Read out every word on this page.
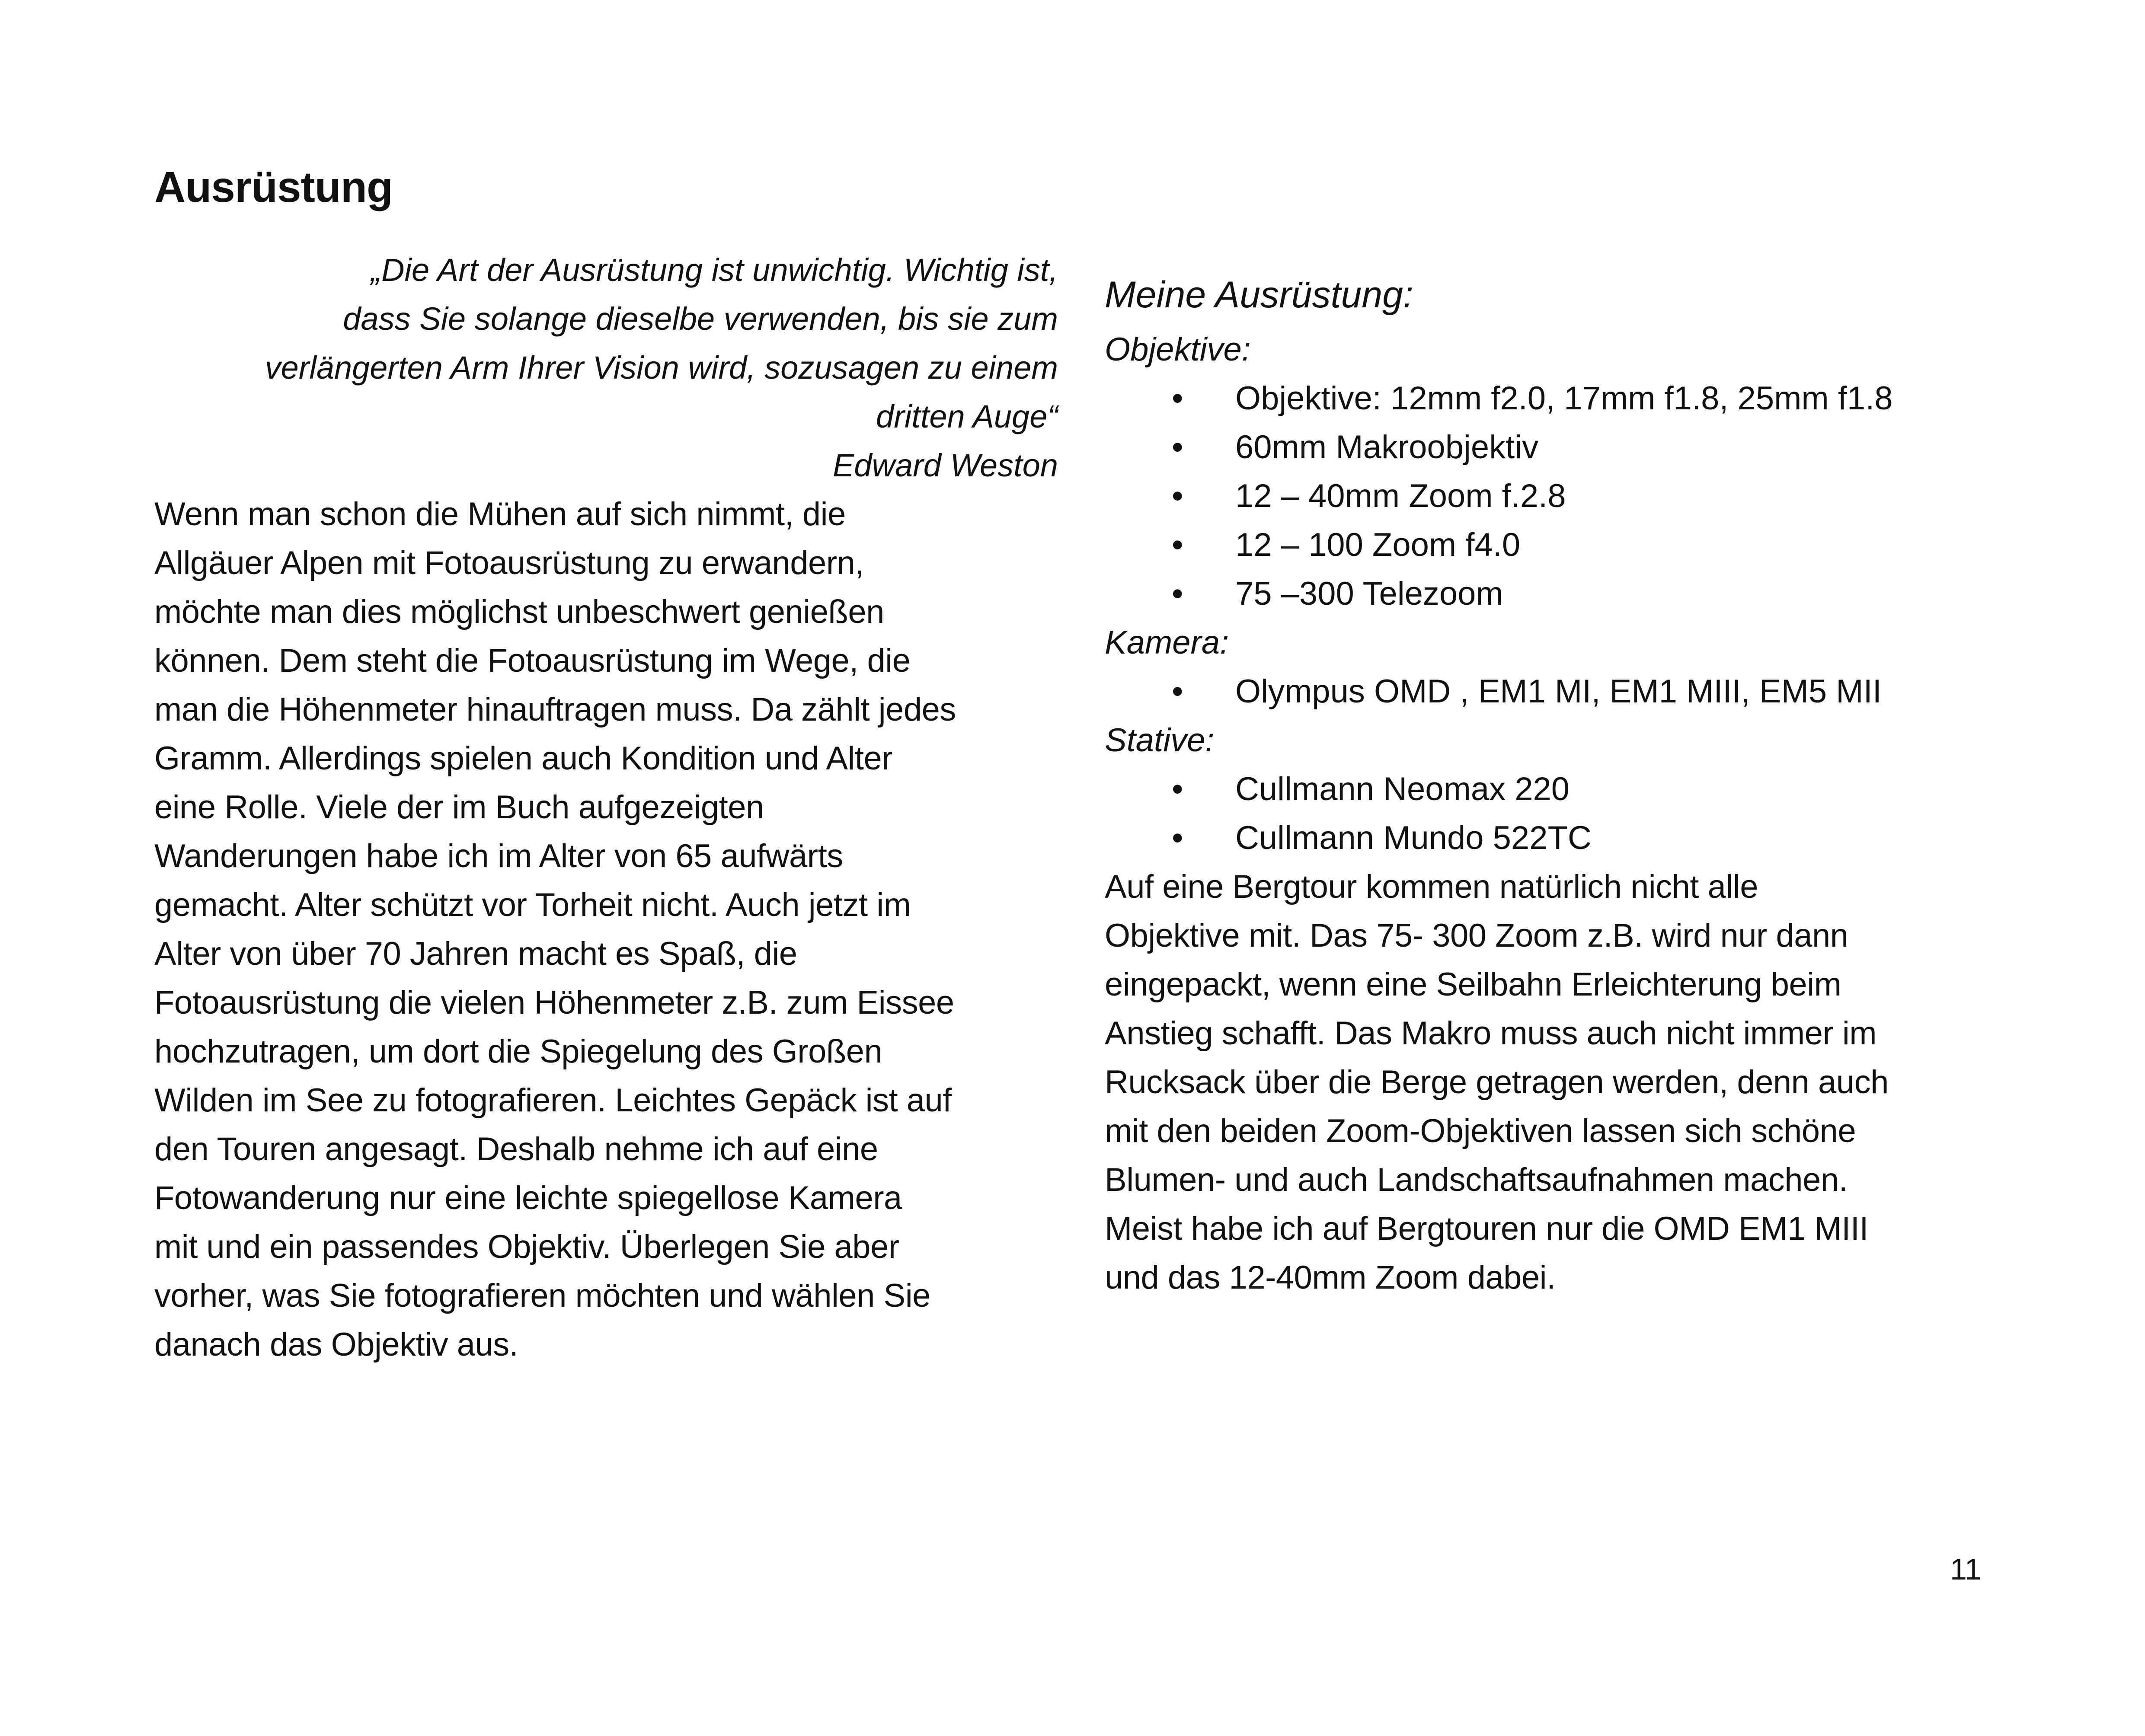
Ausrüstung

„Die Art der Ausrüstung ist unwichtig. Wichtig ist,
dass Sie solange dieselbe verwenden, bis sie zum
verlängerten Arm Ihrer Vision wird, sozusagen zu einem
dritten Auge“

Edward Weston

Wenn man schon die Mühen auf sich nimmt, die
Allgäuer Alpen mit Fotoausrüstung zu erwandern,
möchte man dies möglichst unbeschwert genießen
können. Dem steht die Fotoausrüstung im Wege, die
man die Höhenmeter hinauftragen muss. Da zählt jedes
Gramm. Allerdings spielen auch Kondition und Alter
eine Rolle. Viele der im Buch aufgezeigten
Wanderungen habe ich im Alter von 65 aufwärts
gemacht. Alter schützt vor Torheit nicht. Auch jetzt im
Alter von über 70 Jahren macht es Spaß, die
Fotoausrüstung die vielen Höhenmeter z.B. zum Eissee
hochzutragen, um dort die Spiegelung des Großen
Wilden im See zu fotografieren. Leichtes Gepäck ist auf
den Touren angesagt. Deshalb nehme ich auf eine
Fotowanderung nur eine leichte spiegellose Kamera
mit und ein passendes Objektiv. Überlegen Sie aber
vorher, was Sie fotografieren möchten und wählen Sie
danach das Objektiv aus.

Meine Ausrüstung:

Objektive:

• Objektive: 12mm f2.0, 17mm f1.8, 25mm f1.8
• 60mm Makroobjektiv
• 12 – 40mm Zoom f.2.8
• 12 – 100 Zoom f4.0
• 75 –300 Telezoom

Kamera:

• Olympus OMD , EM1 MI, EM1 MIII, EM5 MII

Stative:

• Cullmann Neomax 220
• Cullmann Mundo 522TC

Auf eine Bergtour kommen natürlich nicht alle
Objektive mit. Das 75- 300 Zoom z.B. wird nur dann
eingepackt, wenn eine Seilbahn Erleichterung beim
Anstieg schafft. Das Makro muss auch nicht immer im
Rucksack über die Berge getragen werden, denn auch
mit den beiden Zoom-Objektiven lassen sich schöne
Blumen- und auch Landschaftsaufnahmen machen.
Meist habe ich auf Bergtouren nur die OMD EM1 MIII
und das 12-40mm Zoom dabei.

11
